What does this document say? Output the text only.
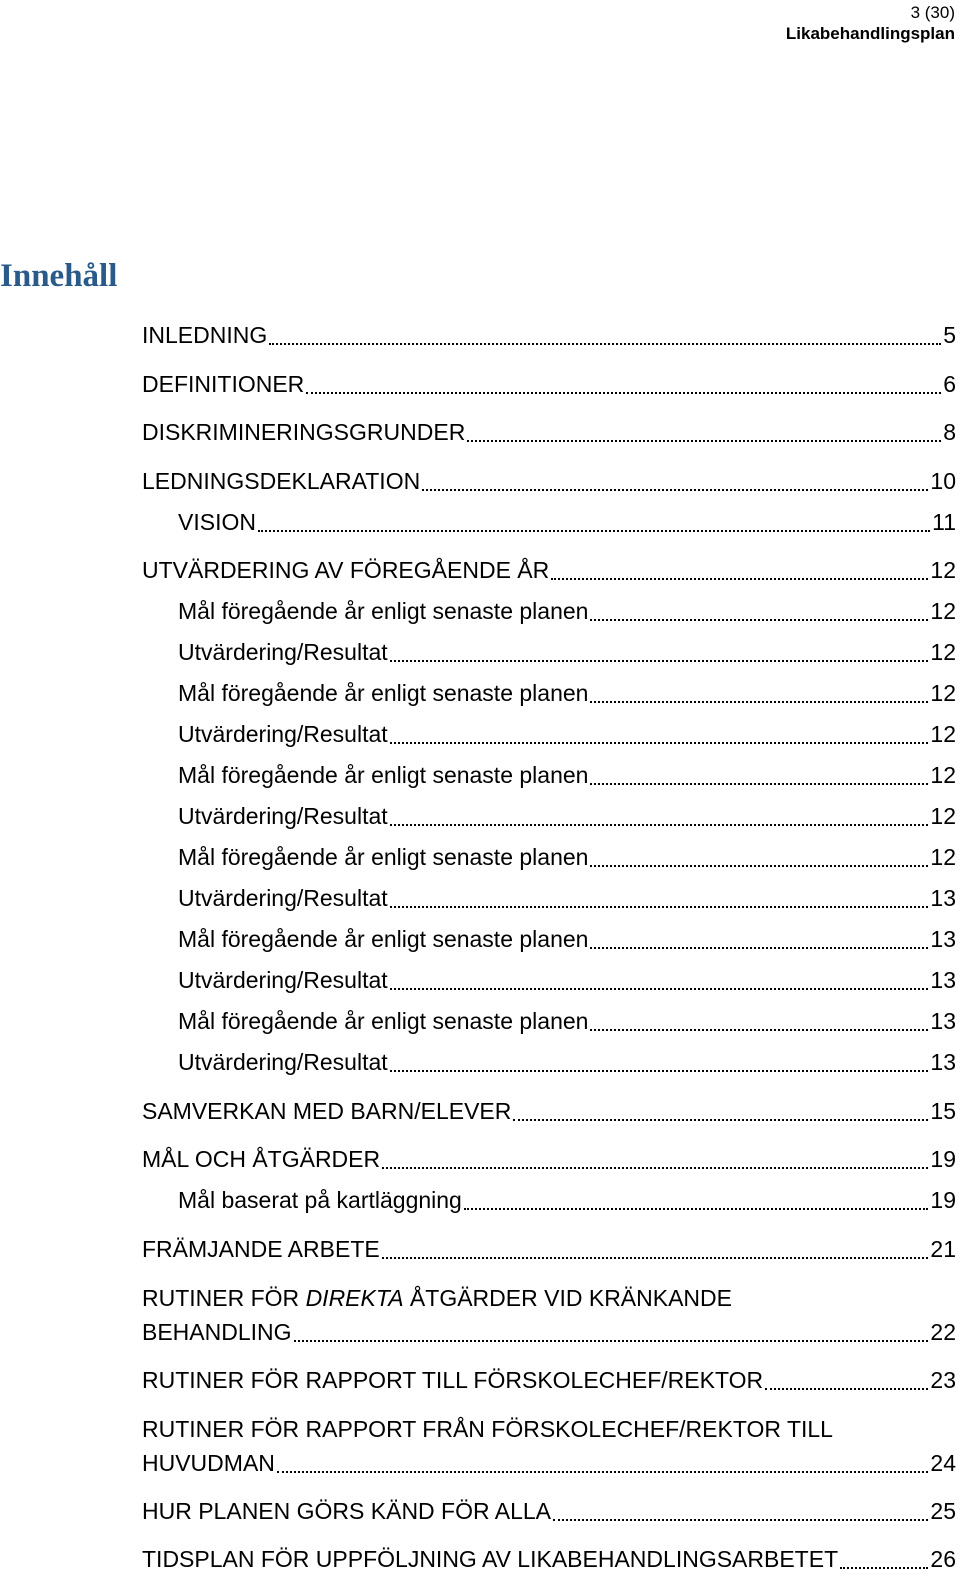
3 (30)
Likabehandlingsplan
Innehåll
INLEDNING	5
DEFINITIONER	6
DISKRIMINERINGSGRUNDER	8
LEDNINGSDEKLARATION	10
VISION	11
UTVÄRDERING AV FÖREGÅENDE ÅR	12
Mål föregående år enligt senaste planen	12
Utvärdering/Resultat	12
Mål föregående år enligt senaste planen	12
Utvärdering/Resultat	12
Mål föregående år enligt senaste planen	12
Utvärdering/Resultat	12
Mål föregående år enligt senaste planen	12
Utvärdering/Resultat	13
Mål föregående år enligt senaste planen	13
Utvärdering/Resultat	13
Mål föregående år enligt senaste planen	13
Utvärdering/Resultat	13
SAMVERKAN MED BARN/ELEVER	15
MÅL OCH ÅTGÄRDER	19
Mål baserat på kartläggning	19
FRÄMJANDE ARBETE	21
RUTINER FÖR DIREKTA ÅTGÄRDER VID KRÄNKANDE
BEHANDLING	22
RUTINER FÖR RAPPORT TILL FÖRSKOLECHEF/REKTOR	23
RUTINER FÖR RAPPORT FRÅN FÖRSKOLECHEF/REKTOR TILL
HUVUDMAN	24
HUR PLANEN GÖRS KÄND FÖR ALLA	25
TIDSPLAN FÖR UPPFÖLJNING AV LIKABEHANDLINGSARBETET	26
